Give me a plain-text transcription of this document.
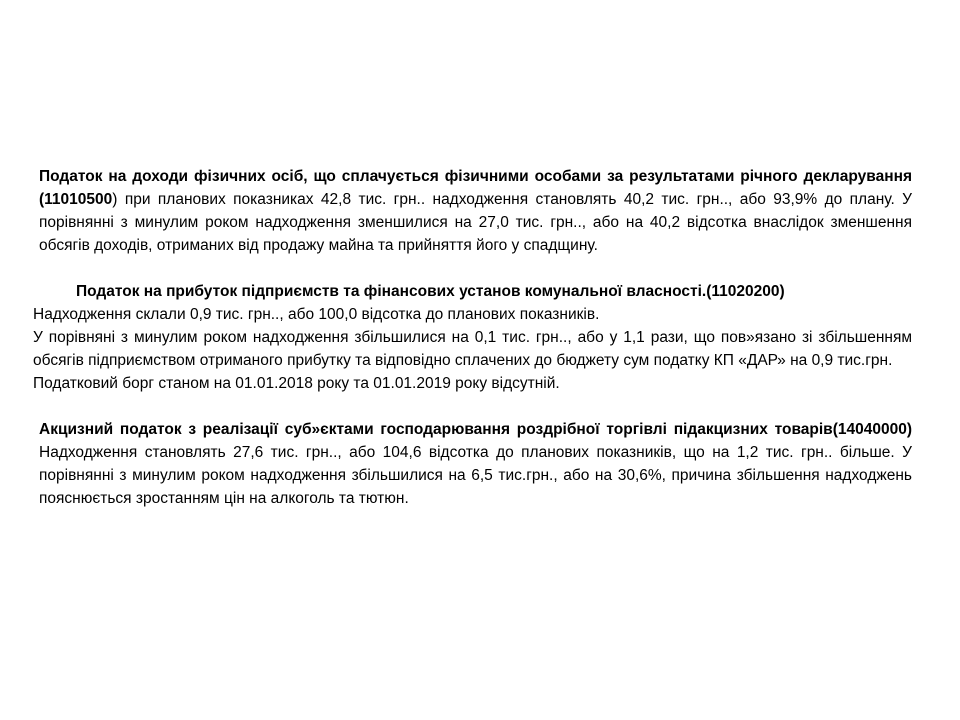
Податок на доходи фізичних осіб, що сплачується фізичними особами за результатами річного декларування (11010500) при планових показниках 42,8 тис. грн.. надходження становлять 40,2 тис. грн.., або 93,9% до плану. У порівнянні з минулим роком надходження зменшилися на 27,0 тис. грн.., або на 40,2 відсотка внаслідок зменшення обсягів доходів, отриманих від продажу майна та прийняття його у спадщину.

Податок на прибуток підприємств та фінансових установ комунальної власності.(11020200)

Надходження склали 0,9 тис. грн.., або 100,0 відсотка до планових показників.

У порівняні з минулим роком надходження збільшилися на 0,1 тис. грн.., або у 1,1 рази, що пов»язано зі збільшенням обсягів підприємством отриманого прибутку та відповідно сплачених до бюджету сум податку КП «ДАР» на 0,9 тис.грн.

Податковий борг станом на 01.01.2018 року та 01.01.2019 року відсутній.

Акцизний податок з реалізації суб»єктами господарювання роздрібної торгівлі підакцизних товарів(14040000) Надходження становлять 27,6 тис. грн.., або 104,6 відсотка до планових показників, що на 1,2 тис. грн.. більше. У порівнянні з минулим роком надходження збільшилися на 6,5 тис.грн., або на 30,6%, причина збільшення надходжень пояснюється зростанням цін на алкоголь та тютюн.
